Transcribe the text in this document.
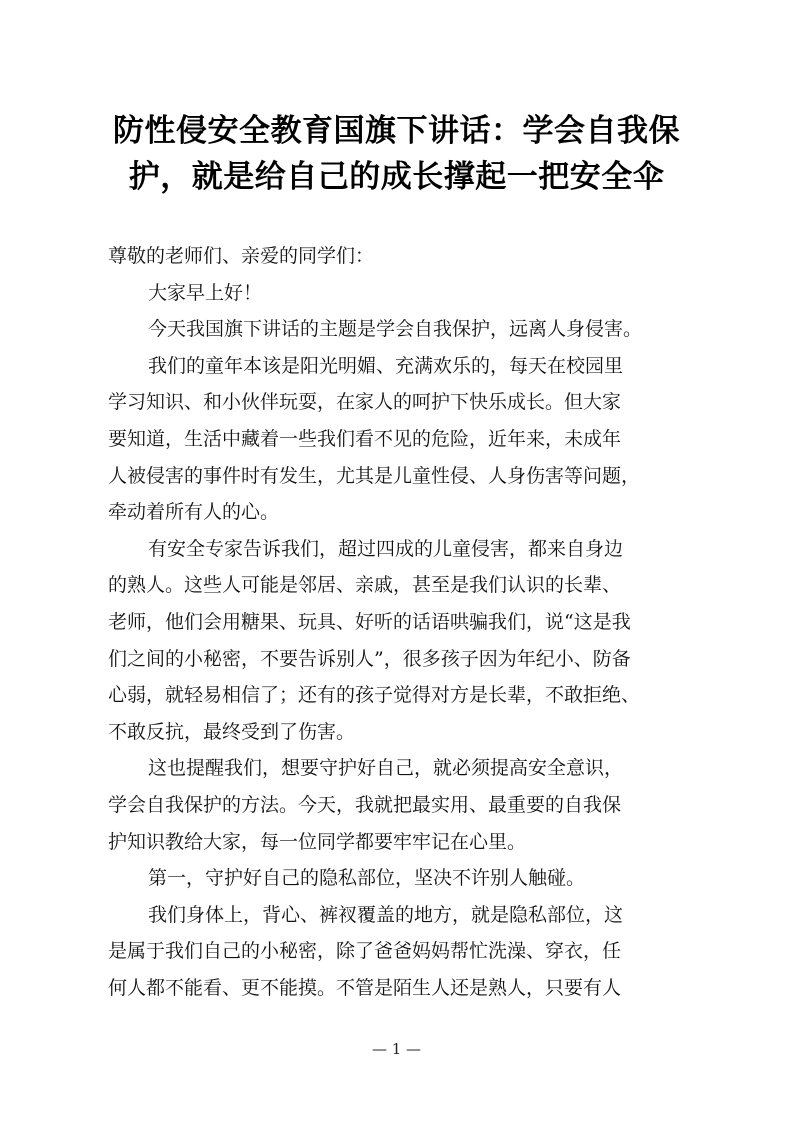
防性侵安全教育国旗下讲话：学会自我保
护，就是给自己的成长撑起一把安全伞
尊敬的老师们、亲爱的同学们：
大家早上好！
今天我国旗下讲话的主题是学会自我保护，远离人身侵害。
我们的童年本该是阳光明媚、充满欢乐的，每天在校园里
学习知识、和小伙伴玩耍，在家人的呵护下快乐成长。但大家
要知道，生活中藏着一些我们看不见的危险，近年来，未成年
人被侵害的事件时有发生，尤其是儿童性侵、人身伤害等问题，
牵动着所有人的心。
有安全专家告诉我们，超过四成的儿童侵害，都来自身边
的熟人。这些人可能是邻居、亲戚，甚至是我们认识的长辈、
老师，他们会用糖果、玩具、好听的话语哄骗我们，说“这是我
们之间的小秘密，不要告诉别人”，很多孩子因为年纪小、防备
心弱，就轻易相信了；还有的孩子觉得对方是长辈，不敢拒绝、
不敢反抗，最终受到了伤害。
这也提醒我们，想要守护好自己，就必须提高安全意识，
学会自我保护的方法。今天，我就把最实用、最重要的自我保
护知识教给大家，每一位同学都要牢牢记在心里。
第一，守护好自己的隐私部位，坚决不许别人触碰。
我们身体上，背心、裤衩覆盖的地方，就是隐私部位，这
是属于我们自己的小秘密，除了爸爸妈妈帮忙洗澡、穿衣，任
何人都不能看、更不能摸。不管是陌生人还是熟人，只要有人
— 1 —
